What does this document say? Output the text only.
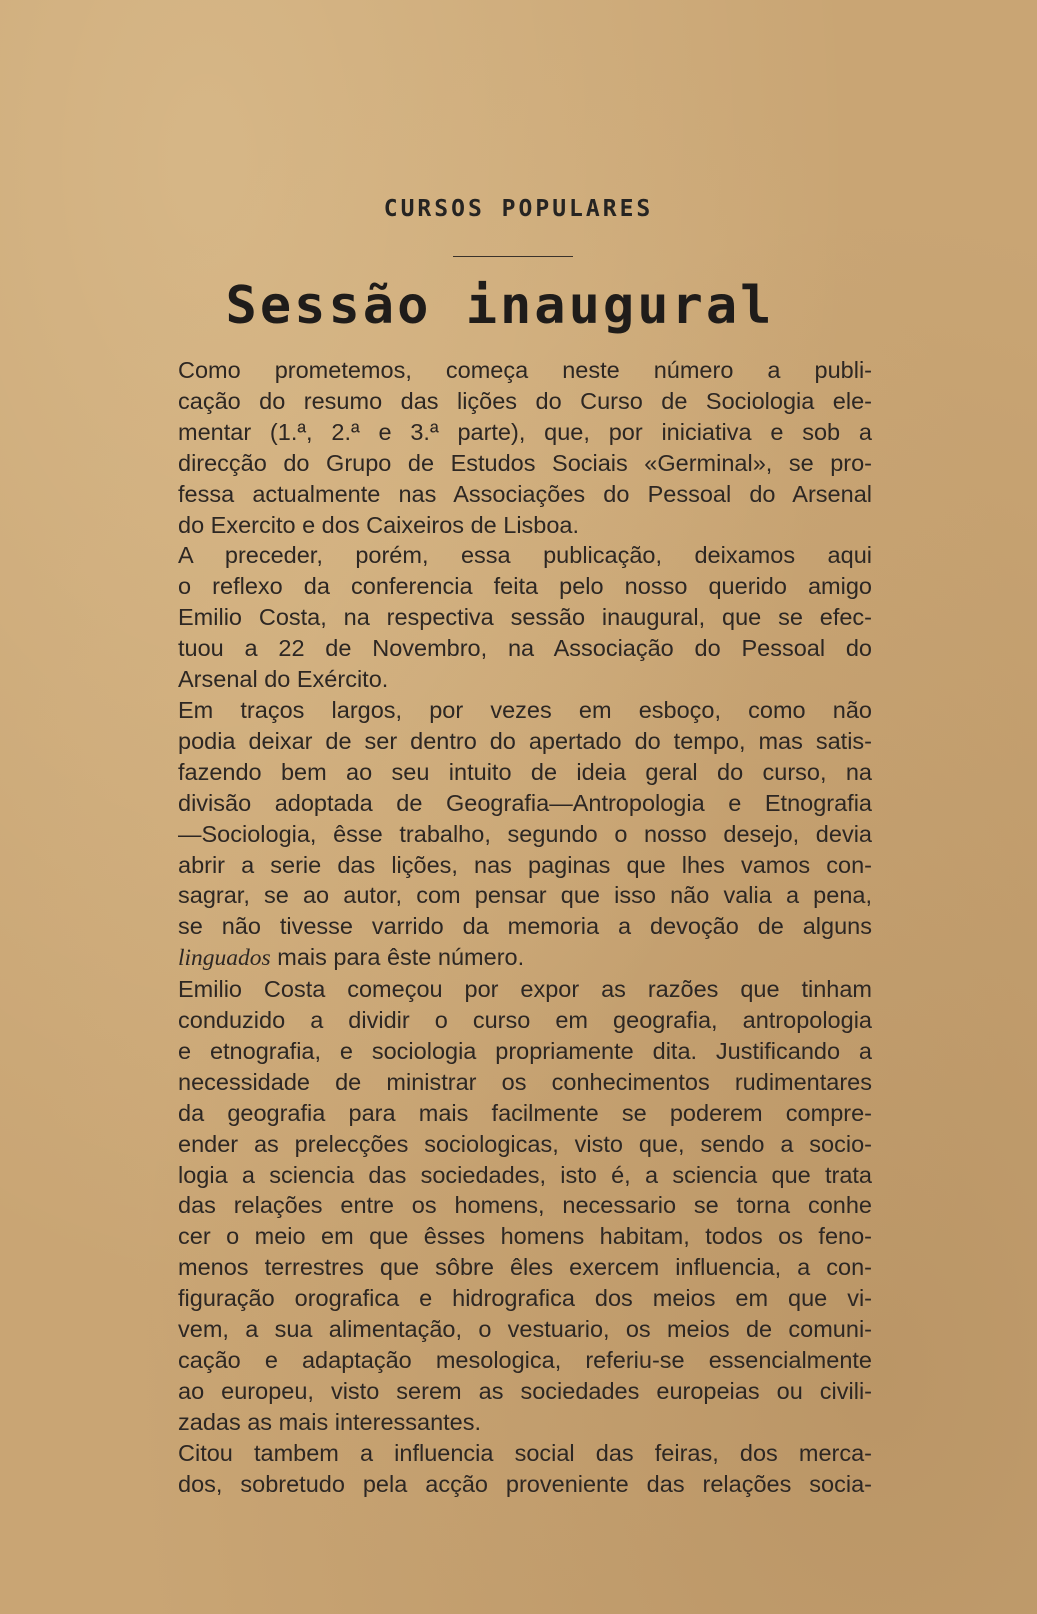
CURSOS POPULARES
Sessão inaugural

Como prometemos, começa neste número a publi-
cação do resumo das lições do Curso de Sociologia ele-
mentar (1.ª, 2.ª e 3.ª parte), que, por iniciativa e sob a
direcção do Grupo de Estudos Sociais «Germinal», se pro-
fessa actualmente nas Associações do Pessoal do Arsenal
do Exercito e dos Caixeiros de Lisboa.

A preceder, porém, essa publicação, deixamos aqui
o reflexo da conferencia feita pelo nosso querido amigo
Emilio Costa, na respectiva sessão inaugural, que se efec-
tuou a 22 de Novembro, na Associação do Pessoal do
Arsenal do Exército.

Em traços largos, por vezes em esboço, como não
podia deixar de ser dentro do apertado do tempo, mas satis-
fazendo bem ao seu intuito de ideia geral do curso, na
divisão adoptada de Geografia—Antropologia e Etnografia
—Sociologia, êsse trabalho, segundo o nosso desejo, devia
abrir a serie das lições, nas paginas que lhes vamos con-
sagrar, se ao autor, com pensar que isso não valia a pena,
se não tivesse varrido da memoria a devoção de alguns
linguados mais para êste número.

Emilio Costa começou por expor as razões que tinham
conduzido a dividir o curso em geografia, antropologia
e etnografia, e sociologia propriamente dita. Justificando a
necessidade de ministrar os conhecimentos rudimentares
da geografia para mais facilmente se poderem compre-
ender as prelecções sociologicas, visto que, sendo a socio-
logia a sciencia das sociedades, isto é, a sciencia que trata
das relações entre os homens, necessario se torna conhe
cer o meio em que êsses homens habitam, todos os feno-
menos terrestres que sôbre êles exercem influencia, a con-
figuração orografica e hidrografica dos meios em que vi-
vem, a sua alimentação, o vestuario, os meios de comuni-
cação e adaptação mesologica, referiu-se essencialmente
ao europeu, visto serem as sociedades europeias ou civili-
zadas as mais interessantes.

Citou tambem a influencia social das feiras, dos merca-
dos, sobretudo pela acção proveniente das relações socia-
